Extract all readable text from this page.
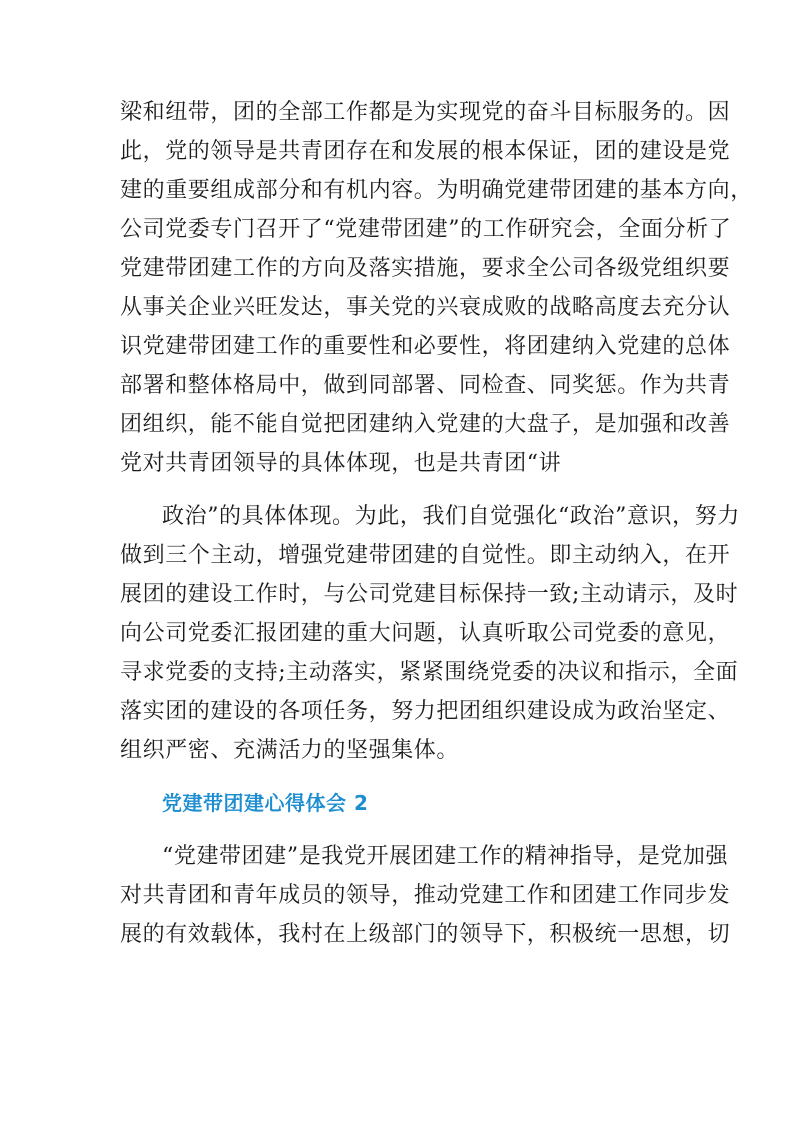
梁和纽带，团的全部工作都是为实现党的奋斗目标服务的。因
此，党的领导是共青团存在和发展的根本保证，团的建设是党
建的重要组成部分和有机内容。为明确党建带团建的基本方向，
公司党委专门召开了“党建带团建”的工作研究会，全面分析了
党建带团建工作的方向及落实措施，要求全公司各级党组织要
从事关企业兴旺发达，事关党的兴衰成败的战略高度去充分认
识党建带团建工作的重要性和必要性，将团建纳入党建的总体
部署和整体格局中，做到同部署、同检查、同奖惩。作为共青
团组织，能不能自觉把团建纳入党建的大盘子，是加强和改善
党对共青团领导的具体体现，也是共青团“讲

政治”的具体体现。为此，我们自觉强化“政治”意识，努力
做到三个主动，增强党建带团建的自觉性。即主动纳入，在开
展团的建设工作时，与公司党建目标保持一致;主动请示，及时
向公司党委汇报团建的重大问题，认真听取公司党委的意见，
寻求党委的支持;主动落实，紧紧围绕党委的决议和指示，全面
落实团的建设的各项任务，努力把团组织建设成为政治坚定、
组织严密、充满活力的坚强集体。

党建带团建心得体会 2

“党建带团建”是我党开展团建工作的精神指导，是党加强
对共青团和青年成员的领导，推动党建工作和团建工作同步发
展的有效载体，我村在上级部门的领导下，积极统一思想，切
